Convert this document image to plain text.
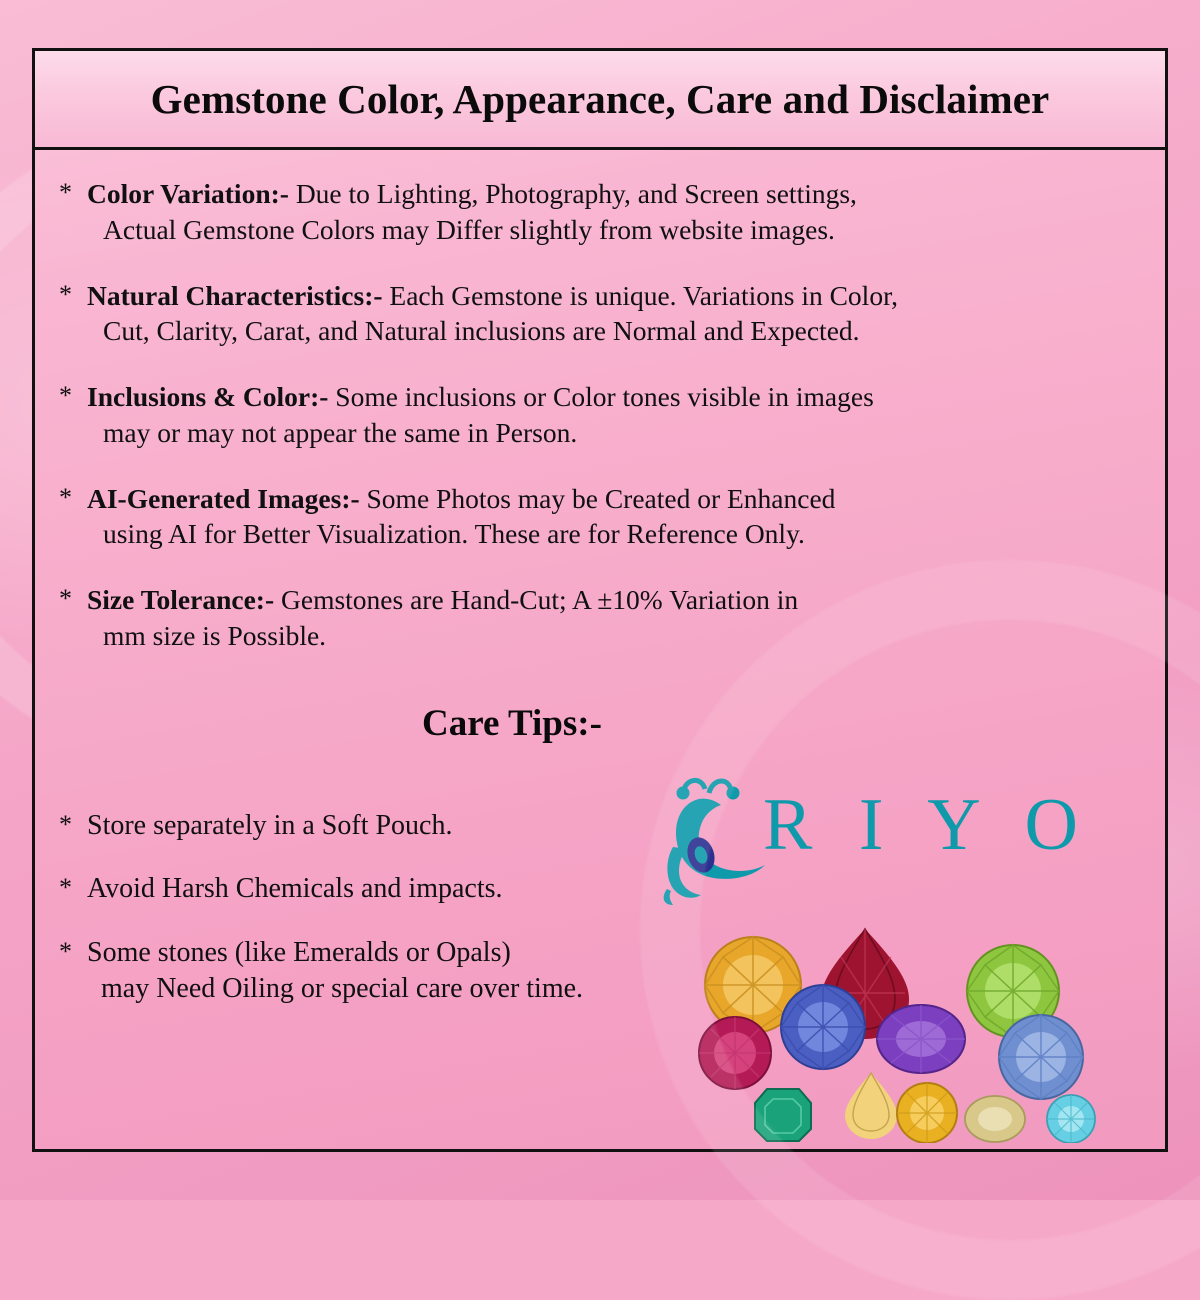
Gemstone Color, Appearance, Care and Disclaimer

* Color Variation:- Due to Lighting, Photography, and Screen settings,
Actual Gemstone Colors may Differ slightly from website images.

* Natural Characteristics:- Each Gemstone is unique. Variations in Color,
Cut, Clarity, Carat, and Natural inclusions are Normal and Expected.

* Inclusions & Color:- Some inclusions or Color tones visible in images
may or may not appear the same in Person.

* AI-Generated Images:- Some Photos may be Created or Enhanced
using AI for Better Visualization. These are for Reference Only.

* Size Tolerance:- Gemstones are Hand-Cut; A ±10% Variation in
mm size is Possible.

Care Tips:-

* Store separately in a Soft Pouch.

* Avoid Harsh Chemicals and impacts.

* Some stones (like Emeralds or Opals)
may Need Oiling or special care over time.

R I Y O
